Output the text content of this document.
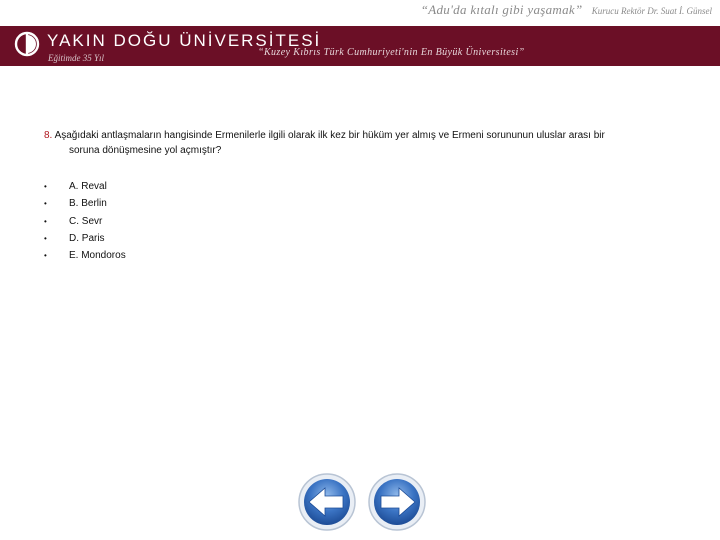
“Adu'da kıtalı gibi yaşamak” Kurucu Rektör Dr. Suat İ. Günsel
YAKIN DOĞU ÜNİVERSİTESİ
Eğitimde 35 Yıl	“Kuzey Kıbrıs Türk Cumhuriyeti'nin En Büyük Üniversitesi”
8. Aşağıdaki antlaşmaların hangisinde Ermenilerle ilgili olarak ilk kez bir hüküm yer almış ve Ermeni sorununun uluslar arası bir
soruna dönüşmesine yol açmıştır?
• A. Reval
• B. Berlin
• C. Sevr
• D. Paris
• E. Mondoros
